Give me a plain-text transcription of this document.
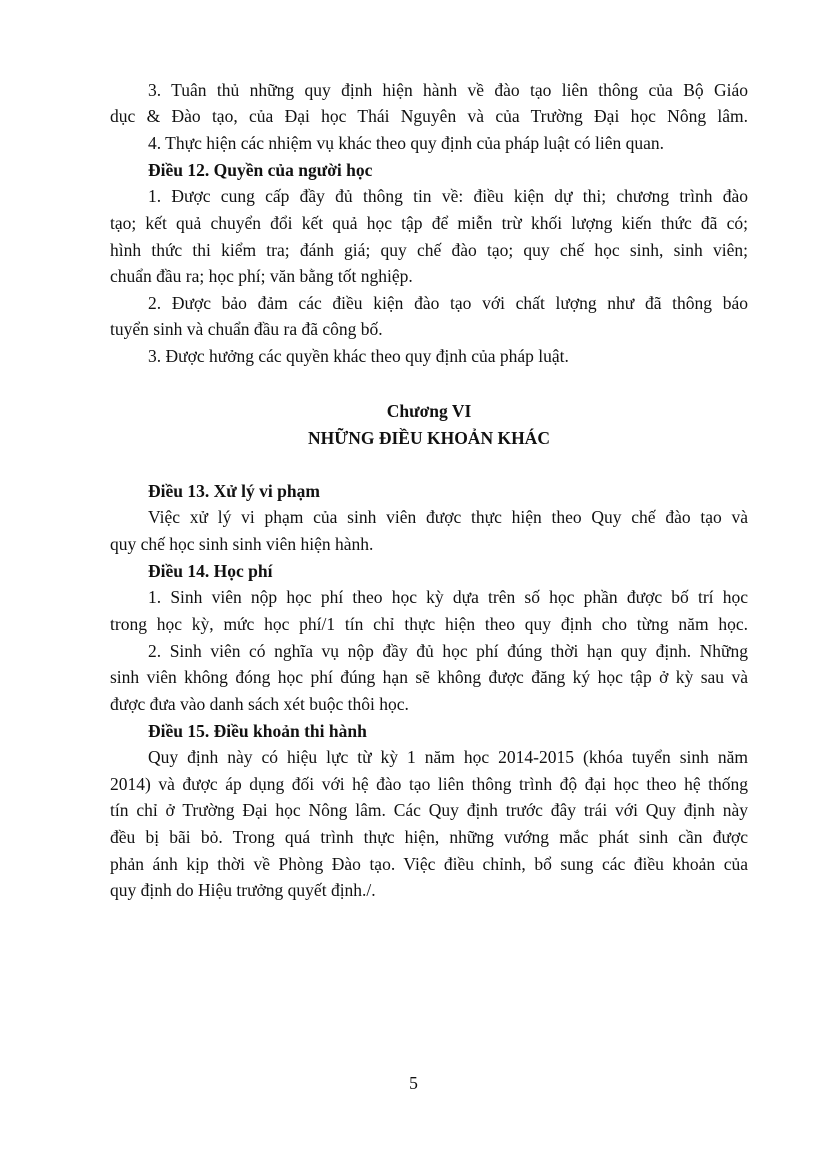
3. Tuân thủ những quy định hiện hành về đào tạo liên thông của Bộ Giáo
dục & Đào tạo, của Đại học Thái Nguyên và của Trường Đại học Nông lâm.
4. Thực hiện các nhiệm vụ khác theo quy định của pháp luật có liên quan.
Điều 12. Quyền của người học
1. Được cung cấp đầy đủ thông tin về: điều kiện dự thi; chương trình đào
tạo; kết quả chuyển đổi kết quả học tập để miễn trừ khối lượng kiến thức đã có;
hình thức thi kiểm tra; đánh giá; quy chế đào tạo; quy chế học sinh, sinh viên;
chuẩn đầu ra; học phí; văn bằng tốt nghiệp.
2. Được bảo đảm các điều kiện đào tạo với chất lượng như đã thông báo
tuyển sinh và chuẩn đầu ra đã công bố.
3. Được hưởng các quyền khác theo quy định của pháp luật.
Chương VI
NHỮNG ĐIỀU KHOẢN KHÁC
Điều 13. Xử lý vi phạm
Việc xử lý vi phạm của sinh viên được thực hiện theo Quy chế đào tạo và
quy chế học sinh sinh viên hiện hành.
Điều 14. Học phí
1. Sinh viên nộp học phí theo học kỳ dựa trên số học phần được bố trí học
trong học kỳ, mức học phí/1 tín chỉ thực hiện theo quy định cho từng năm học.
2. Sinh viên có nghĩa vụ nộp đầy đủ học phí đúng thời hạn quy định. Những
sinh viên không đóng học phí đúng hạn sẽ không được đăng ký học tập ở kỳ sau và
được đưa vào danh sách xét buộc thôi học.
Điều 15. Điều khoản thi hành
Quy định này có hiệu lực từ kỳ 1 năm học 2014-2015 (khóa tuyển sinh năm
2014) và được áp dụng đối với hệ đào tạo liên thông trình độ đại học theo hệ thống
tín chỉ ở Trường Đại học Nông lâm. Các Quy định trước đây trái với Quy định này
đều bị bãi bỏ. Trong quá trình thực hiện, những vướng mắc phát sinh cần được
phản ánh kịp thời về Phòng Đào tạo. Việc điều chỉnh, bổ sung các điều khoản của
quy định do Hiệu trưởng quyết định./.
5
